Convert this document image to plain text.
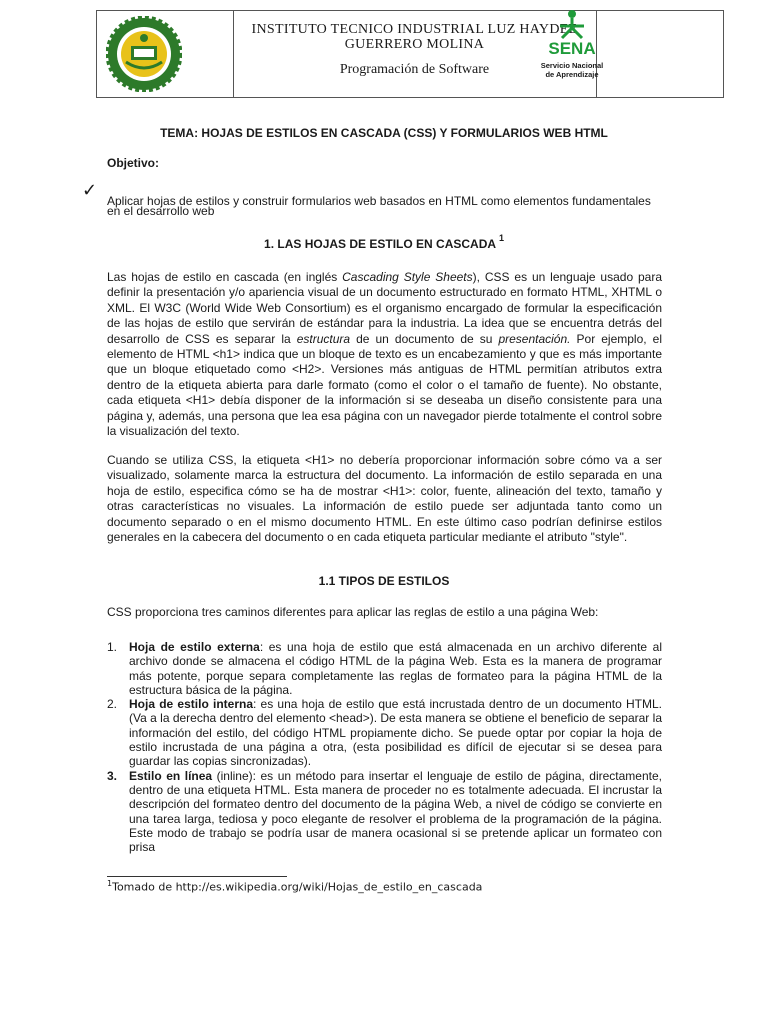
INSTITUTO TECNICO INDUSTRIAL LUZ HAYDEE
GUERRERO MOLINA
Programación de Software
SENA
Servicio Nacional
de Aprendizaje
TEMA: HOJAS DE ESTILOS EN CASCADA (CSS) Y FORMULARIOS WEB HTML
Objetivo:
✓ Aplicar hojas de estilos y construir formularios web basados en HTML como elementos fundamentales en el desarrollo web
1. LAS HOJAS DE ESTILO EN CASCADA $^1$
Las hojas de estilo en cascada (en inglés Cascading Style Sheets), CSS es un lenguaje usado para definir la presentación y/o apariencia visual de un documento estructurado en formato HTML, XHTML o XML. El W3C (World Wide Web Consortium) es el organismo encargado de formular la especificación de las hojas de estilo que servirán de estándar para la industria. La idea que se encuentra detrás del desarrollo de CSS es separar la estructura de un documento de su presentación. Por ejemplo, el elemento de HTML <h1> indica que un bloque de texto es un encabezamiento y que es más importante que un bloque etiquetado como <H2>. Versiones más antiguas de HTML permitían atributos extra dentro de la etiqueta abierta para darle formato (como el color o el tamaño de fuente). No obstante, cada etiqueta <H1> debía disponer de la información si se deseaba un diseño consistente para una página y, además, una persona que lea esa página con un navegador pierde totalmente el control sobre la visualización del texto.
Cuando se utiliza CSS, la etiqueta <H1> no debería proporcionar información sobre cómo va a ser visualizado, solamente marca la estructura del documento. La información de estilo separada en una hoja de estilo, especifica cómo se ha de mostrar <H1>: color, fuente, alineación del texto, tamaño y otras características no visuales. La información de estilo puede ser adjuntada tanto como un documento separado o en el mismo documento HTML. En este último caso podrían definirse estilos generales en la cabecera del documento o en cada etiqueta particular mediante el atributo "style".
1.1 TIPOS DE ESTILOS
CSS proporciona tres caminos diferentes para aplicar las reglas de estilo a una página Web:
1. Hoja de estilo externa: es una hoja de estilo que está almacenada en un archivo diferente al archivo donde se almacena el código HTML de la página Web. Esta es la manera de programar más potente, porque separa completamente las reglas de formateo para la página HTML de la estructura básica de la página.
2. Hoja de estilo interna: es una hoja de estilo que está incrustada dentro de un documento HTML. (Va a la derecha dentro del elemento <head>). De esta manera se obtiene el beneficio de separar la información del estilo, del código HTML propiamente dicho. Se puede optar por copiar la hoja de estilo incrustada de una página a otra, (esta posibilidad es difícil de ejecutar si se desea para guardar las copias sincronizadas).
3. Estilo en línea (inline): es un método para insertar el lenguaje de estilo de página, directamente, dentro de una etiqueta HTML. Esta manera de proceder no es totalmente adecuada. El incrustar la descripción del formateo dentro del documento de la página Web, a nivel de código se convierte en una tarea larga, tediosa y poco elegante de resolver el problema de la programación de la página. Este modo de trabajo se podría usar de manera ocasional si se pretende aplicar un formateo con prisa
$^1$Tomado de http://es.wikipedia.org/wiki/Hojas_de_estilo_en_cascada
